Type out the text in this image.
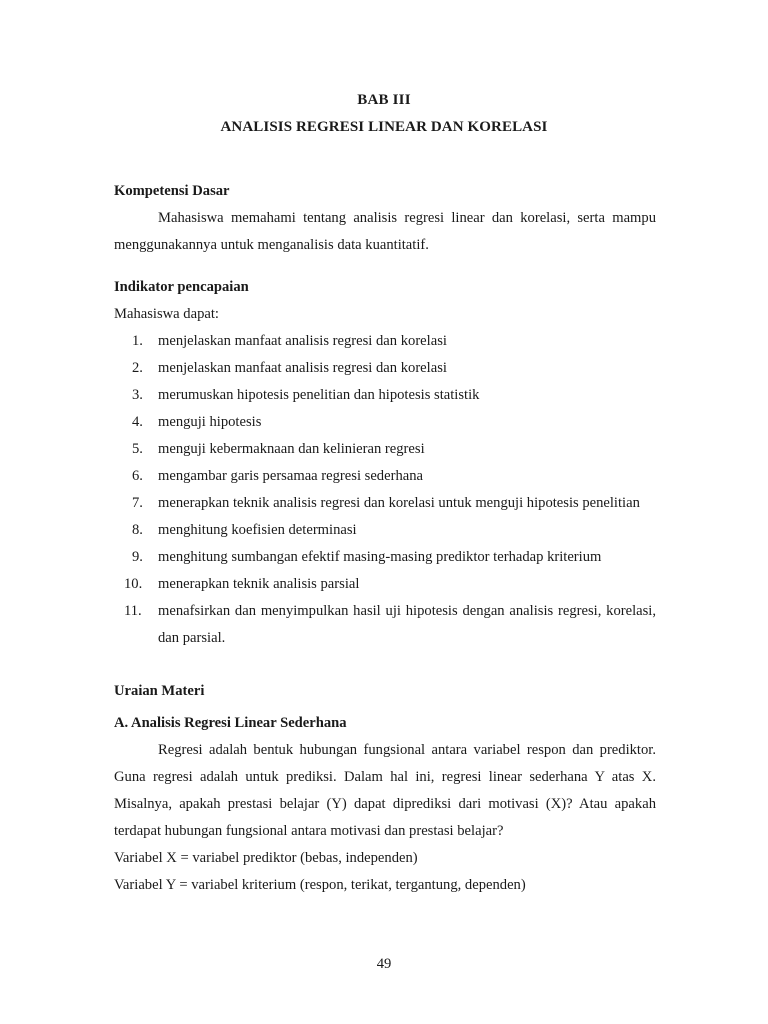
BAB III
ANALISIS REGRESI LINEAR DAN KORELASI

Kompetensi Dasar

Mahasiswa memahami tentang analisis regresi linear dan korelasi, serta mampu menggunakannya untuk menganalisis data kuantitatif.

Indikator pencapaian

Mahasiswa dapat:

1.	menjelaskan manfaat analisis regresi dan korelasi
2.	menjelaskan manfaat analisis regresi dan korelasi
3.	merumuskan hipotesis penelitian dan hipotesis statistik
4.	menguji hipotesis
5.	menguji kebermaknaan dan kelinieran regresi
6.	mengambar garis persamaa regresi sederhana
7.	menerapkan teknik analisis regresi dan korelasi untuk menguji hipotesis penelitian
8.	menghitung koefisien determinasi
9.	menghitung sumbangan efektif masing-masing prediktor terhadap kriterium
10.	menerapkan teknik analisis parsial
11.	menafsirkan dan menyimpulkan hasil uji hipotesis dengan analisis regresi, korelasi, dan parsial.

Uraian Materi

A. Analisis Regresi Linear Sederhana

Regresi adalah bentuk hubungan fungsional antara variabel respon dan prediktor. Guna regresi adalah untuk prediksi. Dalam hal ini, regresi linear sederhana Y atas X. Misalnya, apakah prestasi belajar (Y) dapat diprediksi dari motivasi (X)? Atau apakah terdapat hubungan fungsional antara motivasi dan prestasi belajar?

Variabel X = variabel prediktor (bebas, independen)

Variabel Y = variabel kriterium (respon, terikat, tergantung, dependen)

49
